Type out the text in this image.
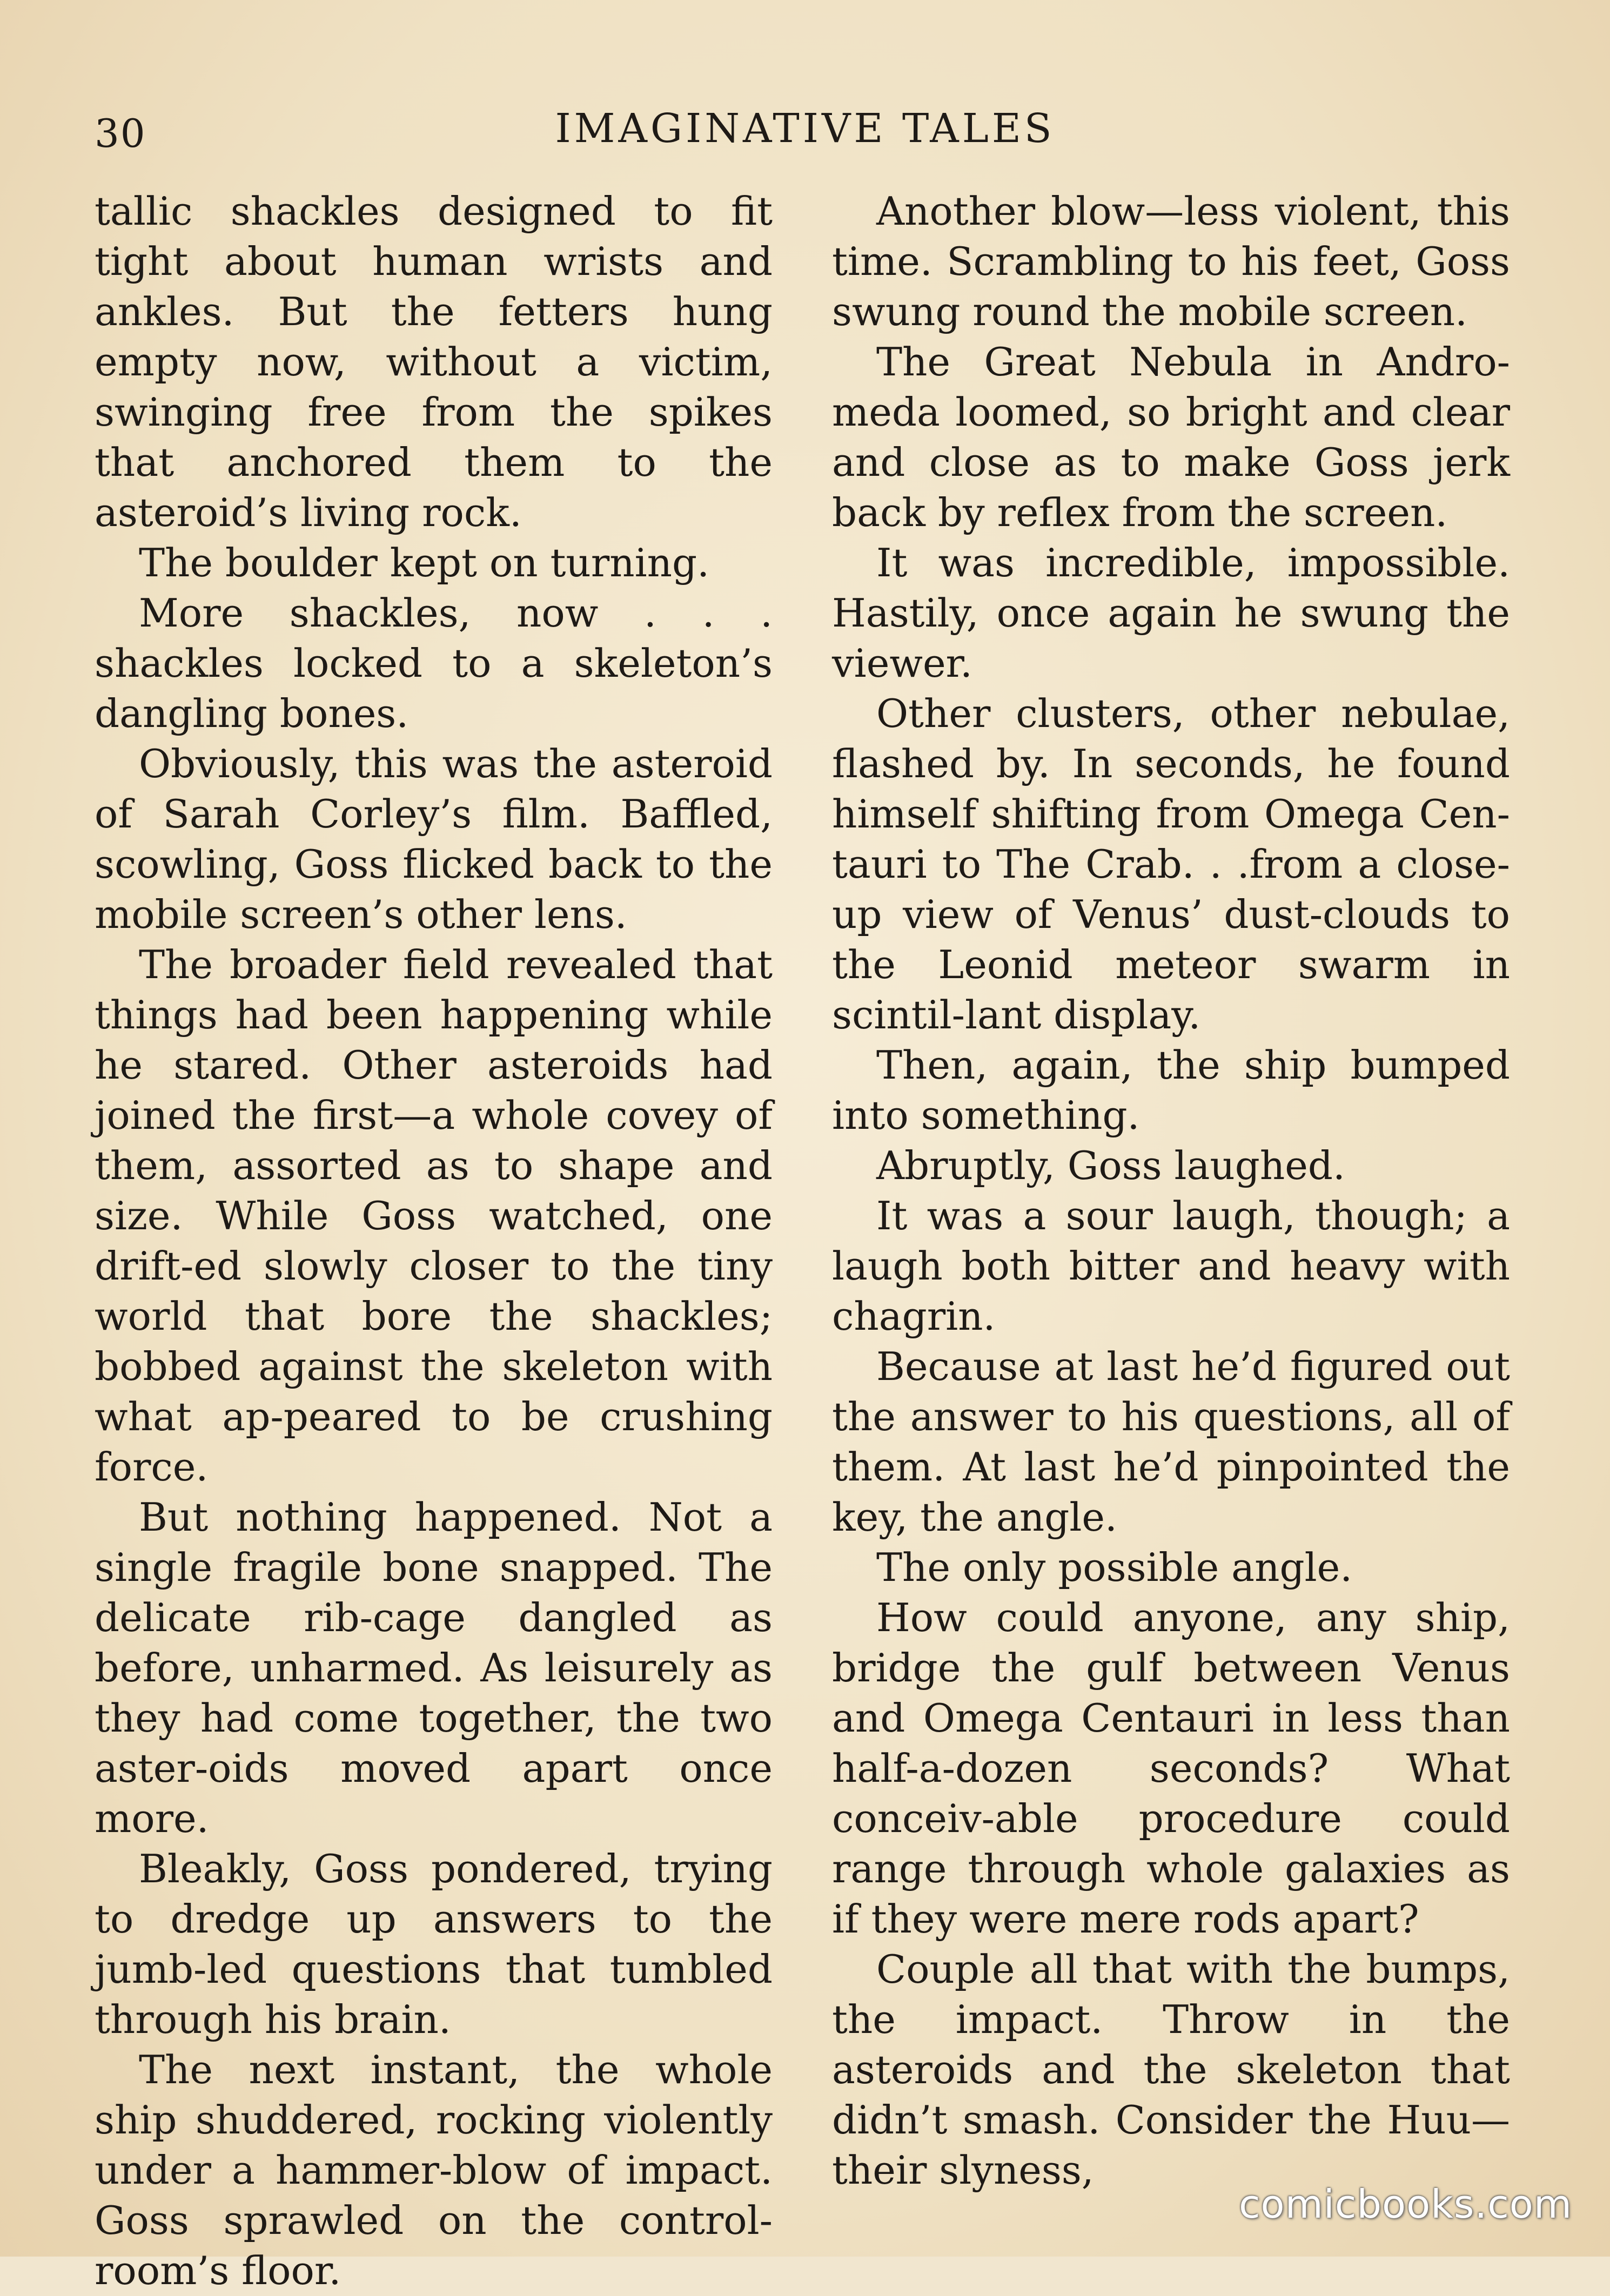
30	IMAGINATIVE TALES

tallic shackles designed to fit tight about human wrists and ankles. But the fetters hung empty now, without a victim, swinging free from the spikes that anchored them to the asteroid’s living rock.

The boulder kept on turning.

More shackles, now . . . shackles locked to a skeleton’s dangling bones.

Obviously, this was the asteroid of Sarah Corley’s film. Baffled, scowling, Goss flicked back to the mobile screen’s other lens.

The broader field revealed that things had been happening while he stared. Other asteroids had joined the first—a whole covey of them, assorted as to shape and size. While Goss watched, one drift-ed slowly closer to the tiny world that bore the shackles; bobbed against the skeleton with what ap-peared to be crushing force.

But nothing happened. Not a single fragile bone snapped. The delicate rib-cage dangled as before, unharmed. As leisurely as they had come together, the two aster-oids moved apart once more.

Bleakly, Goss pondered, trying to dredge up answers to the jumb-led questions that tumbled through his brain.

The next instant, the whole ship shuddered, rocking violently under a hammer-blow of impact. Goss sprawled on the control-room’s floor.

Another blow—less violent, this time. Scrambling to his feet, Goss swung round the mobile screen.

The Great Nebula in Andro-meda loomed, so bright and clear and close as to make Goss jerk back by reflex from the screen.

It was incredible, impossible. Hastily, once again he swung the viewer.

Other clusters, other nebulae, flashed by. In seconds, he found himself shifting from Omega Cen-tauri to The Crab. . .from a close-up view of Venus’ dust-clouds to the Leonid meteor swarm in scintil-lant display.

Then, again, the ship bumped into something.

Abruptly, Goss laughed.

It was a sour laugh, though; a laugh both bitter and heavy with chagrin.

Because at last he’d figured out the answer to his questions, all of them. At last he’d pinpointed the key, the angle.

The only possible angle.

How could anyone, any ship, bridge the gulf between Venus and Omega Centauri in less than half-a-dozen seconds? What conceiv-able procedure could range through whole galaxies as if they were mere rods apart?

Couple all that with the bumps, the impact. Throw in the asteroids and the skeleton that didn’t smash. Consider the Huu—their slyness,

comicbooks.com
